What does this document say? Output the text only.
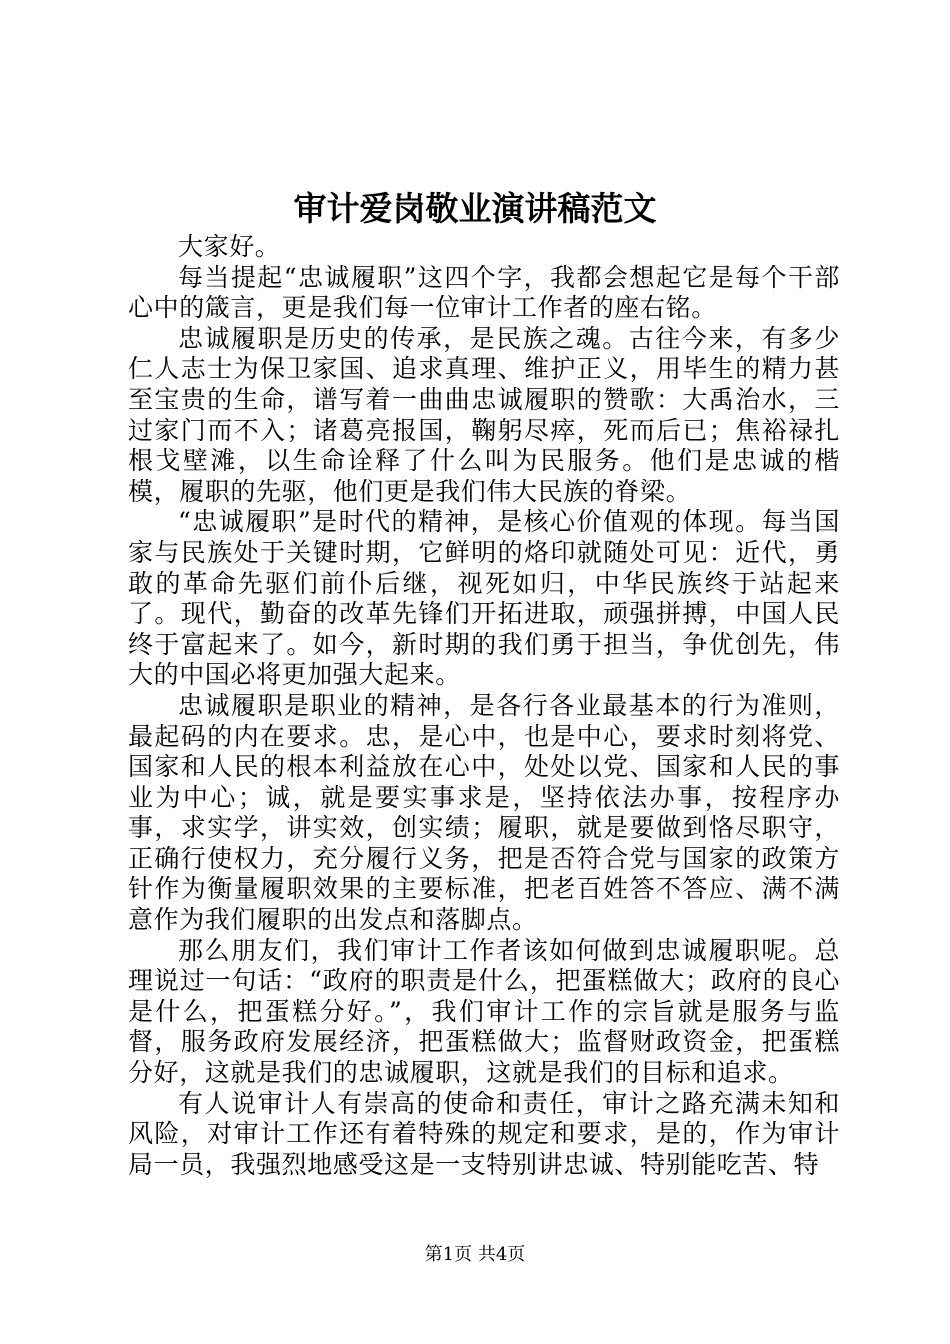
审计爱岗敬业演讲稿范文

大家好。

每当提起“忠诚履职”这四个字，我都会想起它是每个干部心中的箴言，更是我们每一位审计工作者的座右铭。

忠诚履职是历史的传承，是民族之魂。古往今来，有多少仁人志士为保卫家国、追求真理、维护正义，用毕生的精力甚至宝贵的生命，谱写着一曲曲忠诚履职的赞歌：大禹治水，三过家门而不入；诸葛亮报国，鞠躬尽瘁，死而后已；焦裕禄扎根戈壁滩，以生命诠释了什么叫为民服务。他们是忠诚的楷模，履职的先驱，他们更是我们伟大民族的脊梁。

“忠诚履职”是时代的精神，是核心价值观的体现。每当国家与民族处于关键时期，它鲜明的烙印就随处可见：近代，勇敢的革命先驱们前仆后继，视死如归，中华民族终于站起来了。现代，勤奋的改革先锋们开拓进取，顽强拼搏，中国人民终于富起来了。如今，新时期的我们勇于担当，争优创先，伟大的中国必将更加强大起来。

忠诚履职是职业的精神，是各行各业最基本的行为准则，最起码的内在要求。忠，是心中，也是中心，要求时刻将党、国家和人民的根本利益放在心中，处处以党、国家和人民的事业为中心；诚，就是要实事求是，坚持依法办事，按程序办事，求实学，讲实效，创实绩；履职，就是要做到恪尽职守，正确行使权力，充分履行义务，把是否符合党与国家的政策方针作为衡量履职效果的主要标准，把老百姓答不答应、满不满意作为我们履职的出发点和落脚点。

那么朋友们，我们审计工作者该如何做到忠诚履职呢。总理说过一句话：“政府的职责是什么，把蛋糕做大；政府的良心是什么，把蛋糕分好。”，我们审计工作的宗旨就是服务与监督，服务政府发展经济，把蛋糕做大；监督财政资金，把蛋糕分好，这就是我们的忠诚履职，这就是我们的目标和追求。

有人说审计人有崇高的使命和责任，审计之路充满未知和风险，对审计工作还有着特殊的规定和要求，是的，作为审计局一员，我强烈地感受这是一支特别讲忠诚、特别能吃苦、特

第1页 共4页
